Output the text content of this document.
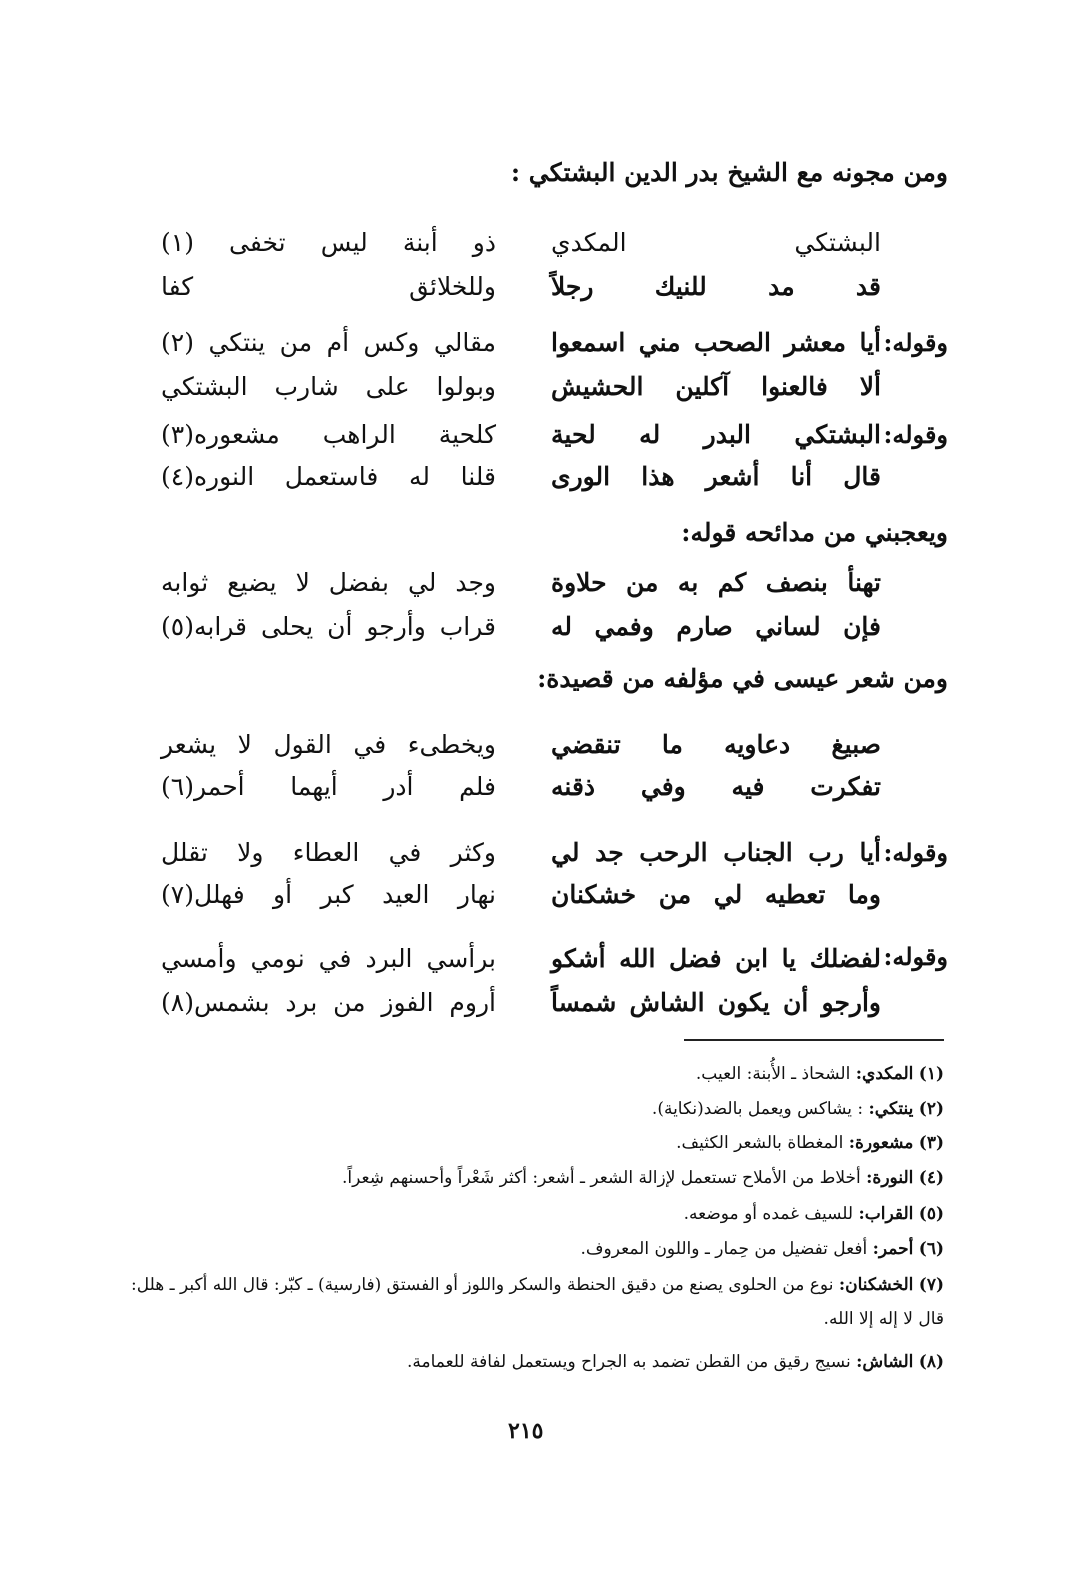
ومن مجونه مع الشيخ بدر الدين البشتكي :
البشتكي المكدي
ذو أبنة ليس تخفى (١)
قد مد للنيك رجلاً
وللخلائق كفا
وقوله:
أيا معشر الصحب مني اسمعوا
مقالي وكس أم من ينتكي (٢)
ألا فالعنوا آكلين الحشيش
وبولوا على شارب البشتكي
وقوله:
البشتكي البدر له لحية
كلحية الراهب مشعوره(٣)
قال أنا أشعر هذا الورى
قلنا له فاستعمل النوره(٤)
ويعجبني من مدائحه قوله:
تهنأ بنصف كم به من حلاوة
وجد لي بفضل لا يضيع ثوابه
فإن لساني صارم وفمي له
قراب وأرجو أن يحلى قرابه(٥)
ومن شعر عيسى في مؤلفه من قصيدة:
صبيغ دعاويه ما تنقضي
ويخطىء في القول لا يشعر
تفكرت فيه وفي ذقنه
فلم أدر أيهما أحمر(٦)
وقوله:
أيا رب الجناب الرحب جد لي
وكثر في العطاء ولا تقلل
وما تعطيه لي من خشكنان
نهار العيد كبر أو فهلل(٧)
وقوله:
لفضلك يا ابن فضل الله أشكو
برأسي البرد في نومي وأمسي
وأرجو أن يكون الشاش شمساً
أروم الفوز من برد بشمس(٨)
(١) المكدي: الشحاذ ـ الأُبنة: العيب.
(٢) ينتكي: : يشاكس ويعمل بالضد(نكاية).
(٣) مشعورة: المغطاة بالشعر الكثيف.
(٤) النورة: أخلاط من الأملاح تستعمل لإزالة الشعر ـ أشعر: أكثر شَعْراً وأحسنهم شِعراً.
(٥) القراب: للسيف غمده أو موضعه.
(٦) أحمر: أفعل تفضيل من حِمار ـ واللون المعروف.
(٧) الخشكنان: نوع من الحلوى يصنع من دقيق الحنطة والسكر واللوز أو الفستق (فارسية) ـ كبّر: قال الله أكبر ـ هلل: قال لا إله إلا الله.
(٨) الشاش: نسيج رقيق من القطن تضمد به الجراح ويستعمل لفافة للعمامة.
٢١٥
